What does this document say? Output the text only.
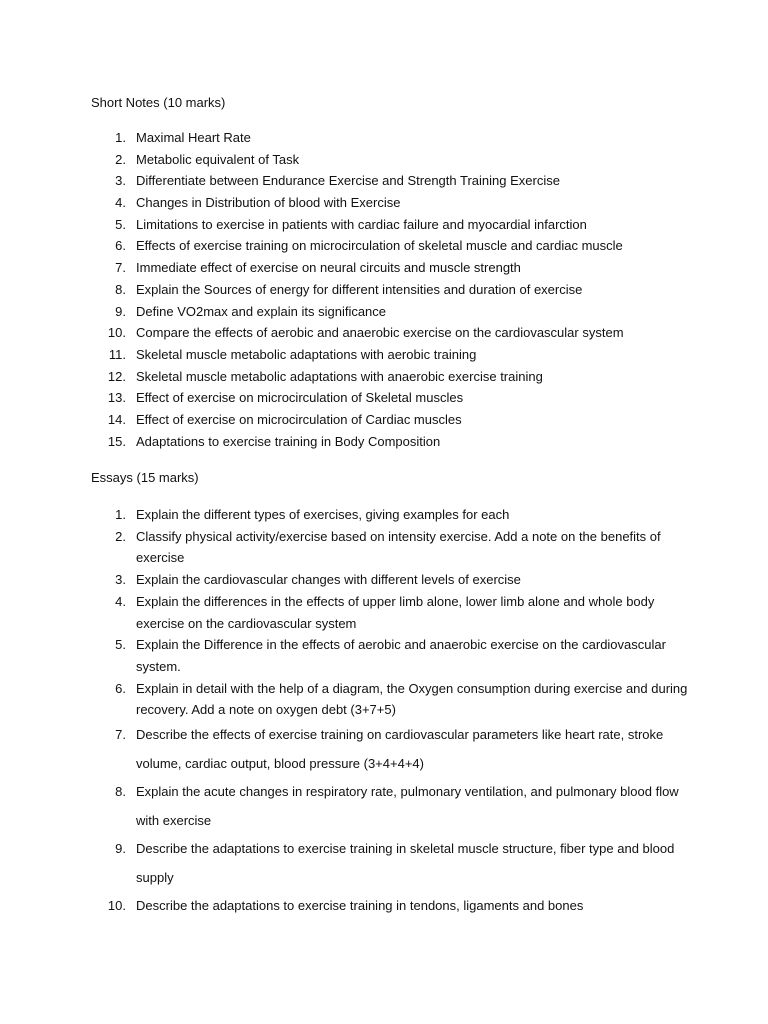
Short Notes (10 marks)
1. Maximal Heart Rate
2. Metabolic equivalent of Task
3. Differentiate between Endurance Exercise and Strength Training Exercise
4. Changes in Distribution of blood with Exercise
5. Limitations to exercise in patients with cardiac failure and myocardial infarction
6. Effects of exercise training on microcirculation of skeletal muscle and cardiac muscle
7. Immediate effect of exercise on neural circuits and muscle strength
8. Explain the Sources of energy for different intensities and duration of exercise
9. Define VO2max and explain its significance
10. Compare the effects of aerobic and anaerobic exercise on the cardiovascular system
11. Skeletal muscle metabolic adaptations with aerobic training
12. Skeletal muscle metabolic adaptations with anaerobic exercise training
13. Effect of exercise on microcirculation of Skeletal muscles
14. Effect of exercise on microcirculation of Cardiac muscles
15. Adaptations to exercise training in Body Composition
Essays (15 marks)
1. Explain the different types of exercises, giving examples for each
2. Classify physical activity/exercise based on intensity exercise. Add a note on the benefits of exercise
3. Explain the cardiovascular changes with different levels of exercise
4. Explain the differences in the effects of upper limb alone, lower limb alone and whole body exercise on the cardiovascular system
5. Explain the Difference in the effects of aerobic and anaerobic exercise on the cardiovascular system.
6. Explain in detail with the help of a diagram, the Oxygen consumption during exercise and during recovery. Add a note on oxygen debt (3+7+5)
7. Describe the effects of exercise training on cardiovascular parameters like heart rate, stroke volume, cardiac output, blood pressure (3+4+4+4)
8. Explain the acute changes in respiratory rate, pulmonary ventilation, and pulmonary blood flow with exercise
9. Describe the adaptations to exercise training in skeletal muscle structure, fiber type and blood supply
10. Describe the adaptations to exercise training in tendons, ligaments and bones
